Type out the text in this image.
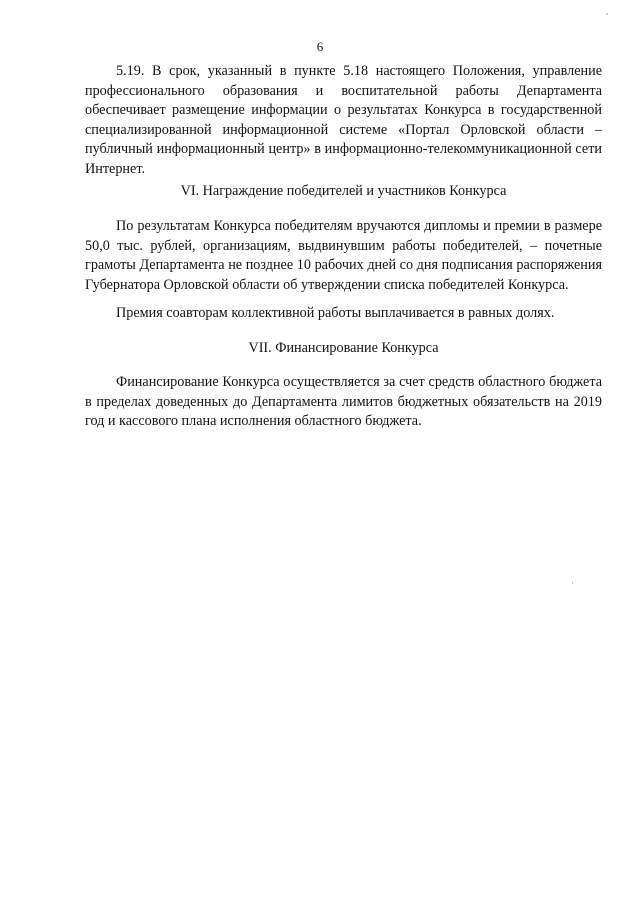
6

5.19. В срок, указанный в пункте 5.18 настоящего Положения, управление профессионального образования и воспитательной работы Департамента обеспечивает размещение информации о результатах Конкурса в государственной специализированной информационной системе «Портал Орловской области – публичный информационный центр» в информационно-телекоммуникационной сети Интернет.

VI. Награждение победителей и участников Конкурса

По результатам Конкурса победителям вручаются дипломы и премии в размере 50,0 тыс. рублей, организациям, выдвинувшим работы победителей, – почетные грамоты Департамента не позднее 10 рабочих дней со дня подписания распоряжения Губернатора Орловской области об утверждении списка победителей Конкурса.

Премия соавторам коллективной работы выплачивается в равных долях.

VII. Финансирование Конкурса

Финансирование Конкурса осуществляется за счет средств областного бюджета в пределах доведенных до Департамента лимитов бюджетных обязательств на 2019 год и кассового плана исполнения областного бюджета.
